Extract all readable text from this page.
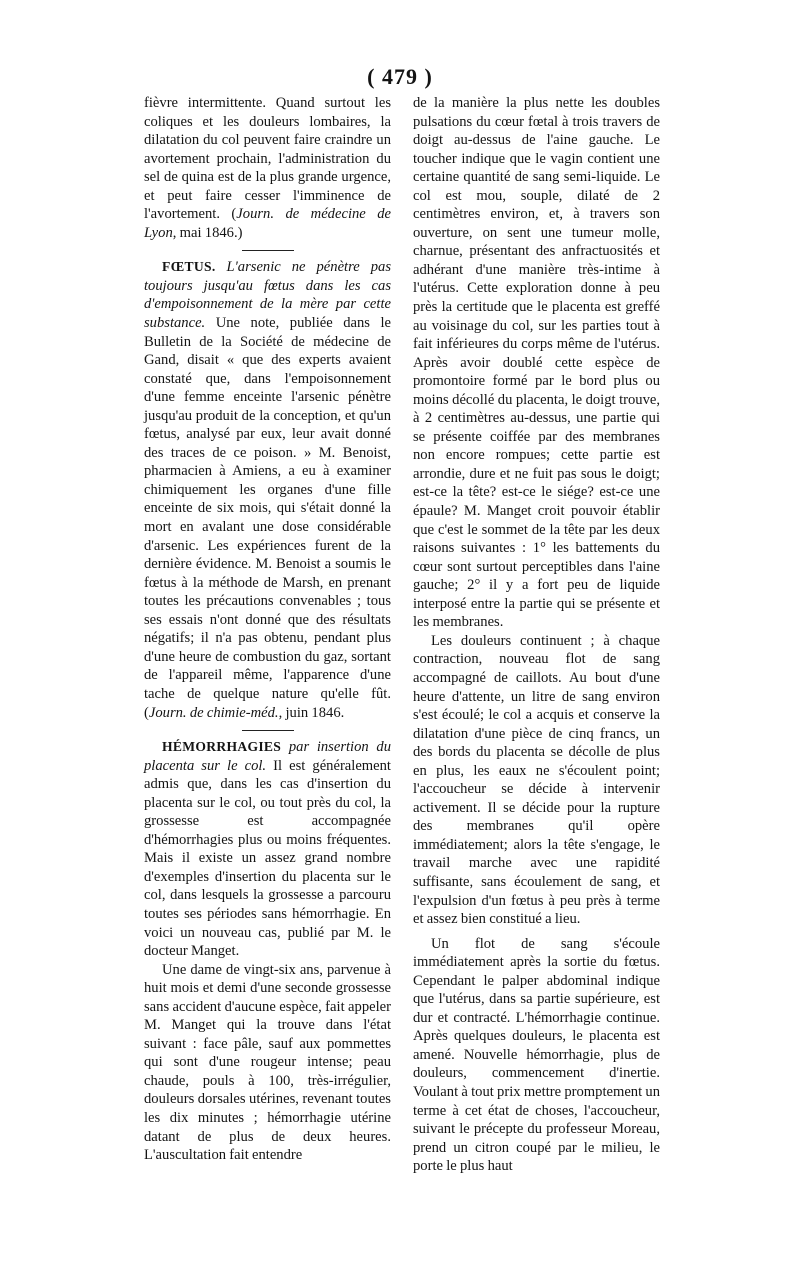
( 479 )

fièvre intermittente. Quand surtout les coliques et les douleurs lombaires, la dilatation du col peuvent faire craindre un avortement prochain, l'administration du sel de quina est de la plus grande urgence, et peut faire cesser l'imminence de l'avortement. (Journ. de médecine de Lyon, mai 1846.)

FŒTUS. L'arsenic ne pénètre pas toujours jusqu'au fœtus dans les cas d'empoisonnement de la mère par cette substance. Une note, publiée dans le Bulletin de la Société de médecine de Gand, disait « que des experts avaient constaté que, dans l'empoisonnement d'une femme enceinte l'arsenic pénètre jusqu'au produit de la conception, et qu'un fœtus, analysé par eux, leur avait donné des traces de ce poison. » M. Benoist, pharmacien à Amiens, a eu à examiner chimiquement les organes d'une fille enceinte de six mois, qui s'était donné la mort en avalant une dose considérable d'arsenic. Les expériences furent de la dernière évidence. M. Benoist a soumis le fœtus à la méthode de Marsh, en prenant toutes les précautions convenables ; tous ses essais n'ont donné que des résultats négatifs; il n'a pas obtenu, pendant plus d'une heure de combustion du gaz, sortant de l'appareil même, l'apparence d'une tache de quelque nature qu'elle fût. (Journ. de chimie-méd., juin 1846.

HÉMORRHAGIES par insertion du placenta sur le col. Il est généralement admis que, dans les cas d'insertion du placenta sur le col, ou tout près du col, la grossesse est accompagnée d'hémorrhagies plus ou moins fréquentes. Mais il existe un assez grand nombre d'exemples d'insertion du placenta sur le col, dans lesquels la grossesse a parcouru toutes ses périodes sans hémorrhagie. En voici un nouveau cas, publié par M. le docteur Manget.

Une dame de vingt-six ans, parvenue à huit mois et demi d'une seconde grossesse sans accident d'aucune espèce, fait appeler M. Manget qui la trouve dans l'état suivant : face pâle, sauf aux pommettes qui sont d'une rougeur intense; peau chaude, pouls à 100, très-irrégulier, douleurs dorsales utérines, revenant toutes les dix minutes ; hémorrhagie utérine datant de plus de deux heures. L'auscultation fait entendre

de la manière la plus nette les doubles pulsations du cœur fœtal à trois travers de doigt au-dessus de l'aine gauche. Le toucher indique que le vagin contient une certaine quantité de sang semi-liquide. Le col est mou, souple, dilaté de 2 centimètres environ, et, à travers son ouverture, on sent une tumeur molle, charnue, présentant des anfractuosités et adhérant d'une manière très-intime à l'utérus. Cette exploration donne à peu près la certitude que le placenta est greffé au voisinage du col, sur les parties tout à fait inférieures du corps même de l'utérus. Après avoir doublé cette espèce de promontoire formé par le bord plus ou moins décollé du placenta, le doigt trouve, à 2 centimètres au-dessus, une partie qui se présente coiffée par des membranes non encore rompues; cette partie est arrondie, dure et ne fuit pas sous le doigt; est-ce la tête? est-ce le siége? est-ce une épaule? M. Manget croit pouvoir établir que c'est le sommet de la tête par les deux raisons suivantes : 1° les battements du cœur sont surtout perceptibles dans l'aine gauche; 2° il y a fort peu de liquide interposé entre la partie qui se présente et les membranes.

Les douleurs continuent ; à chaque contraction, nouveau flot de sang accompagné de caillots. Au bout d'une heure d'attente, un litre de sang environ s'est écoulé; le col a acquis et conserve la dilatation d'une pièce de cinq francs, un des bords du placenta se décolle de plus en plus, les eaux ne s'écoulent point; l'accoucheur se décide à intervenir activement. Il se décide pour la rupture des membranes qu'il opère immédiatement; alors la tête s'engage, le travail marche avec une rapidité suffisante, sans écoulement de sang, et l'expulsion d'un fœtus à peu près à terme et assez bien constitué a lieu.

Un flot de sang s'écoule immédiatement après la sortie du fœtus. Cependant le palper abdominal indique que l'utérus, dans sa partie supérieure, est dur et contracté. L'hémorrhagie continue. Après quelques douleurs, le placenta est amené. Nouvelle hémorrhagie, plus de douleurs, commencement d'inertie. Voulant à tout prix mettre promptement un terme à cet état de choses, l'accoucheur, suivant le précepte du professeur Moreau, prend un citron coupé par le milieu, le porte le plus haut
